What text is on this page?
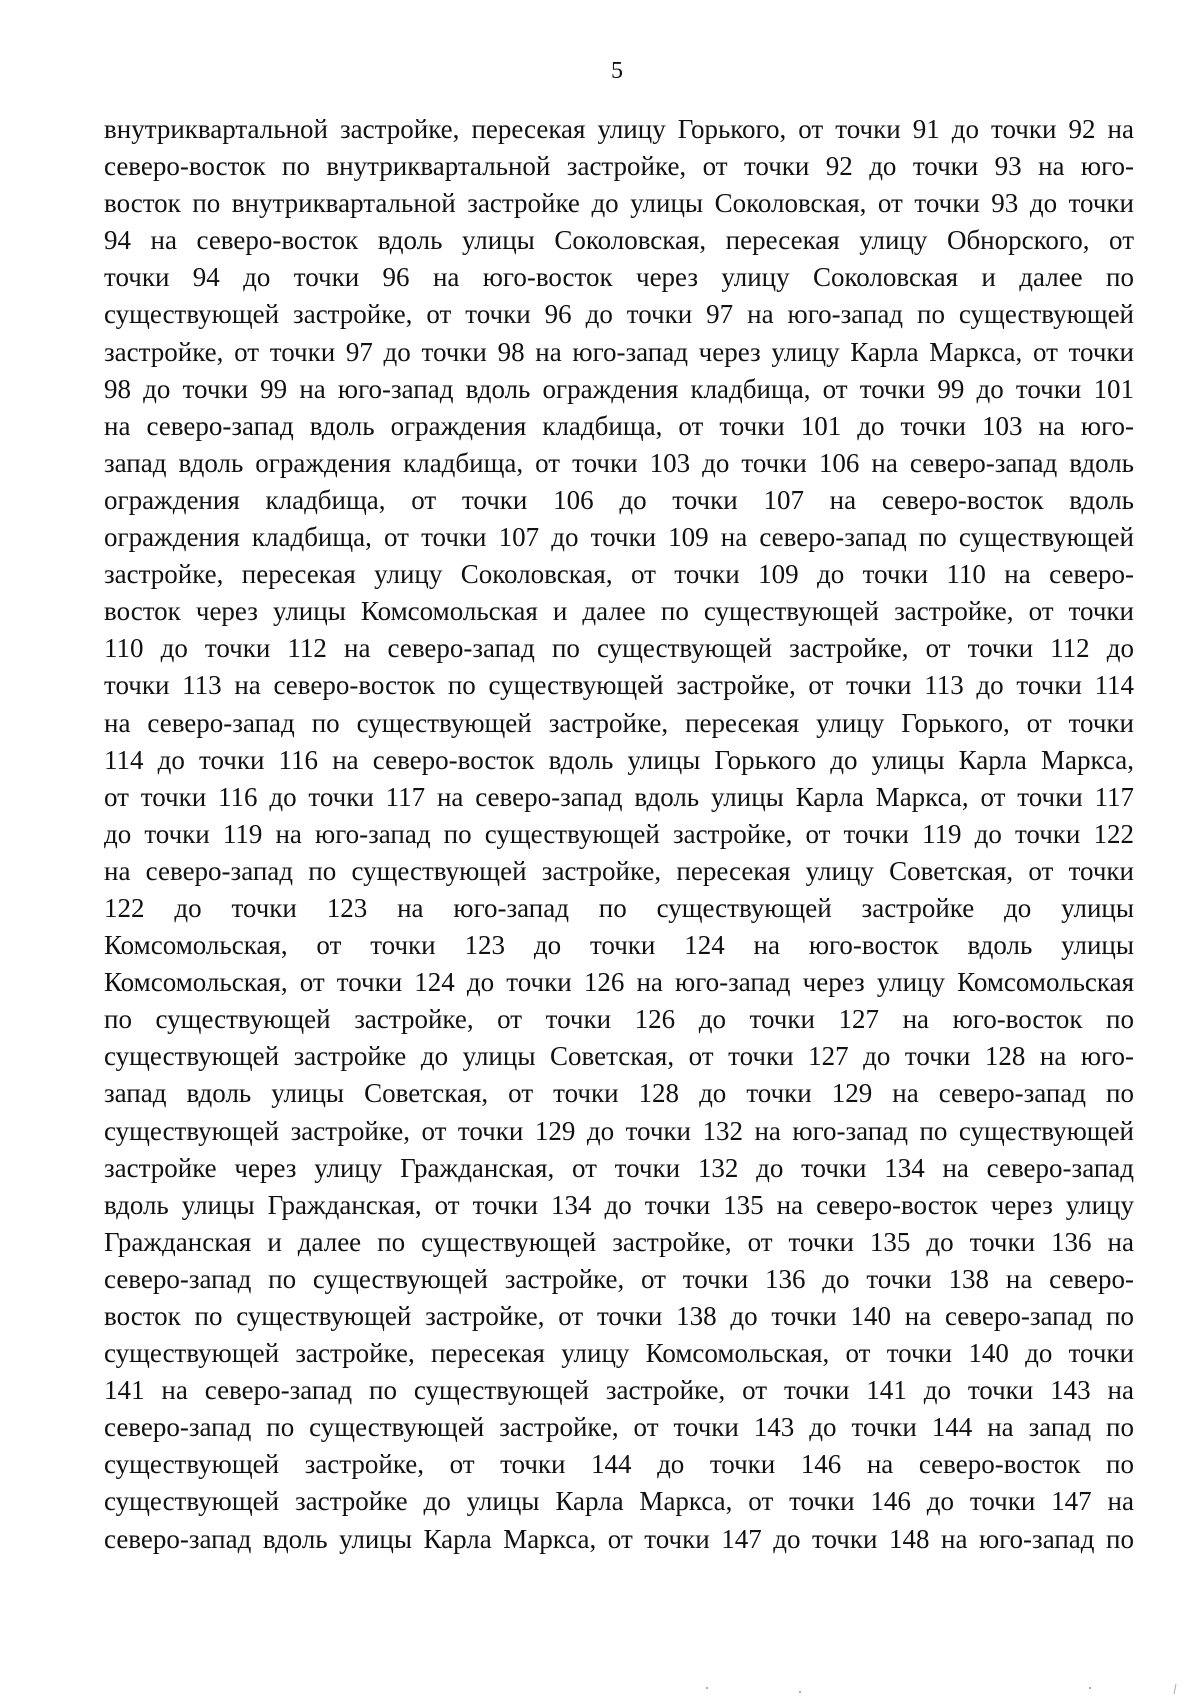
5
внутриквартальной застройке, пересекая улицу Горького, от точки 91 до точки 92 на
северо-восток по внутриквартальной застройке, от точки 92 до точки 93 на юго-
восток по внутриквартальной застройке до улицы Соколовская, от точки 93 до точки
94 на северо-восток вдоль улицы Соколовская, пересекая улицу Обнорского, от
точки 94 до точки 96 на юго-восток через улицу Соколовская и далее по
существующей застройке, от точки 96 до точки 97 на юго-запад по существующей
застройке, от точки 97 до точки 98 на юго-запад через улицу Карла Маркса, от точки
98 до точки 99 на юго-запад вдоль ограждения кладбища, от точки 99 до точки 101
на северо-запад вдоль ограждения кладбища, от точки 101 до точки 103 на юго-
запад вдоль ограждения кладбища, от точки 103 до точки 106 на северо-запад вдоль
ограждения кладбища, от точки 106 до точки 107 на северо-восток вдоль
ограждения кладбища, от точки 107 до точки 109 на северо-запад по существующей
застройке, пересекая улицу Соколовская, от точки 109 до точки 110 на северо-
восток через улицы Комсомольская и далее по существующей застройке, от точки
110 до точки 112 на северо-запад по существующей застройке, от точки 112 до
точки 113 на северо-восток по существующей застройке, от точки 113 до точки 114
на северо-запад по существующей застройке, пересекая улицу Горького, от точки
114 до точки 116 на северо-восток вдоль улицы Горького до улицы Карла Маркса,
от точки 116 до точки 117 на северо-запад вдоль улицы Карла Маркса, от точки 117
до точки 119 на юго-запад по существующей застройке, от точки 119 до точки 122
на северо-запад по существующей застройке, пересекая улицу Советская, от точки
122 до точки 123 на юго-запад по существующей застройке до улицы
Комсомольская, от точки 123 до точки 124 на юго-восток вдоль улицы
Комсомольская, от точки 124 до точки 126 на юго-запад через улицу Комсомольская
по существующей застройке, от точки 126 до точки 127 на юго-восток по
существующей застройке до улицы Советская, от точки 127 до точки 128 на юго-
запад вдоль улицы Советская, от точки 128 до точки 129 на северо-запад по
существующей застройке, от точки 129 до точки 132 на юго-запад по существующей
застройке через улицу Гражданская, от точки 132 до точки 134 на северо-запад
вдоль улицы Гражданская, от точки 134 до точки 135 на северо-восток через улицу
Гражданская и далее по существующей застройке, от точки 135 до точки 136 на
северо-запад по существующей застройке, от точки 136 до точки 138 на северо-
восток по существующей застройке, от точки 138 до точки 140 на северо-запад по
существующей застройке, пересекая улицу Комсомольская, от точки 140 до точки
141 на северо-запад по существующей застройке, от точки 141 до точки 143 на
северо-запад по существующей застройке, от точки 143 до точки 144 на запад по
существующей застройке, от точки 144 до точки 146 на северо-восток по
существующей застройке до улицы Карла Маркса, от точки 146 до точки 147 на
северо-запад вдоль улицы Карла Маркса, от точки 147 до точки 148 на юго-запад по
